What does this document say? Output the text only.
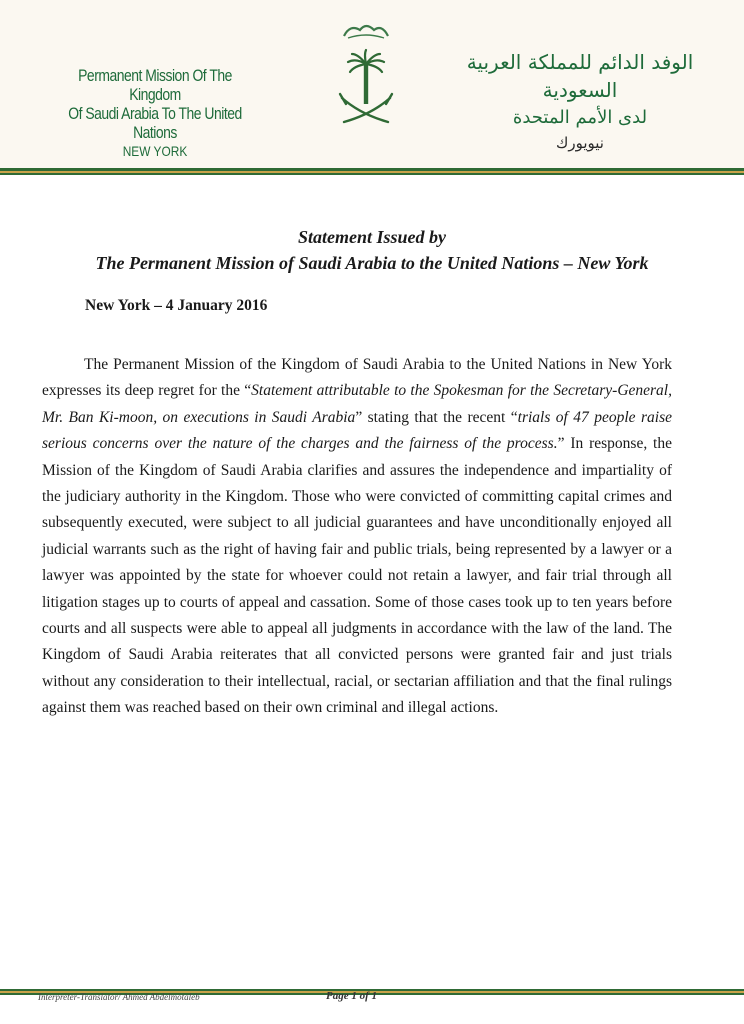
Permanent Mission Of The Kingdom
Of Saudi Arabia To The United Nations
NEW YORK
الوفد الدائم للمملكة العربية السعودية
لدى الأمم المتحدة
نيويورك
Statement Issued by
The Permanent Mission of Saudi Arabia to the United Nations – New York
New York – 4 January 2016
The Permanent Mission of the Kingdom of Saudi Arabia to the United Nations in New York expresses its deep regret for the “Statement attributable to the Spokesman for the Secretary-General, Mr. Ban Ki-moon, on executions in Saudi Arabia” stating that the recent “trials of 47 people raise serious concerns over the nature of the charges and the fairness of the process.” In response, the Mission of the Kingdom of Saudi Arabia clarifies and assures the independence and impartiality of the judiciary authority in the Kingdom. Those who were convicted of committing capital crimes and subsequently executed, were subject to all judicial guarantees and have unconditionally enjoyed all judicial warrants such as the right of having fair and public trials, being represented by a lawyer or a lawyer was appointed by the state for whoever could not retain a lawyer, and fair trial through all litigation stages up to courts of appeal and cassation. Some of those cases took up to ten years before courts and all suspects were able to appeal all judgments in accordance with the law of the land. The Kingdom of Saudi Arabia reiterates that all convicted persons were granted fair and just trials without any consideration to their intellectual, racial, or sectarian affiliation and that the final rulings against them was reached based on their own criminal and illegal actions.
Interpreter-Translator/ Ahmed Abdelmotaleb	Page 1 of 1
